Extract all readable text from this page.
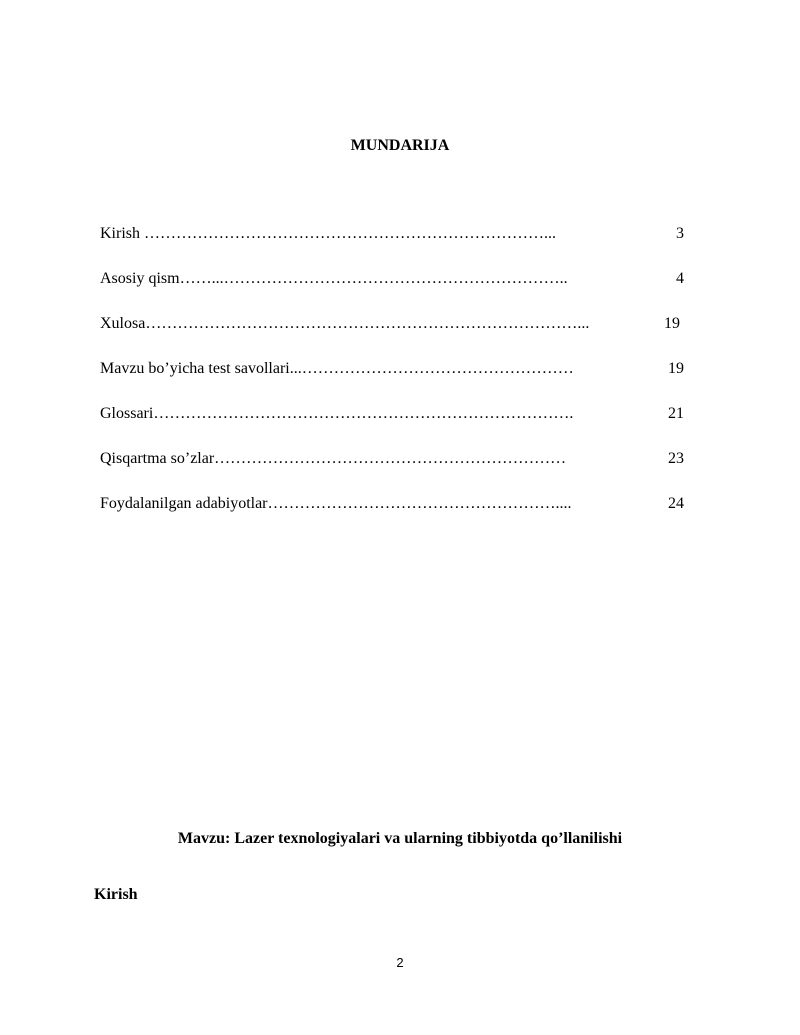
MUNDARIJA
Kirish …………………………………………………………………...	3
Asosiy qism……...………………………………………………………..	4
Xulosa………………………………………………………………………...	19
Mavzu bo’yicha test savollari...……………………………………………	19
Glossari…………………………………………………………………….	21
Qisqartma so’zlar…………………………………………………………	23
Foydalanilgan adabiyotlar………………………………………………....	24
Mavzu: Lazer texnologiyalari va ularning tibbiyotda qo’llanilishi
Kirish
2
